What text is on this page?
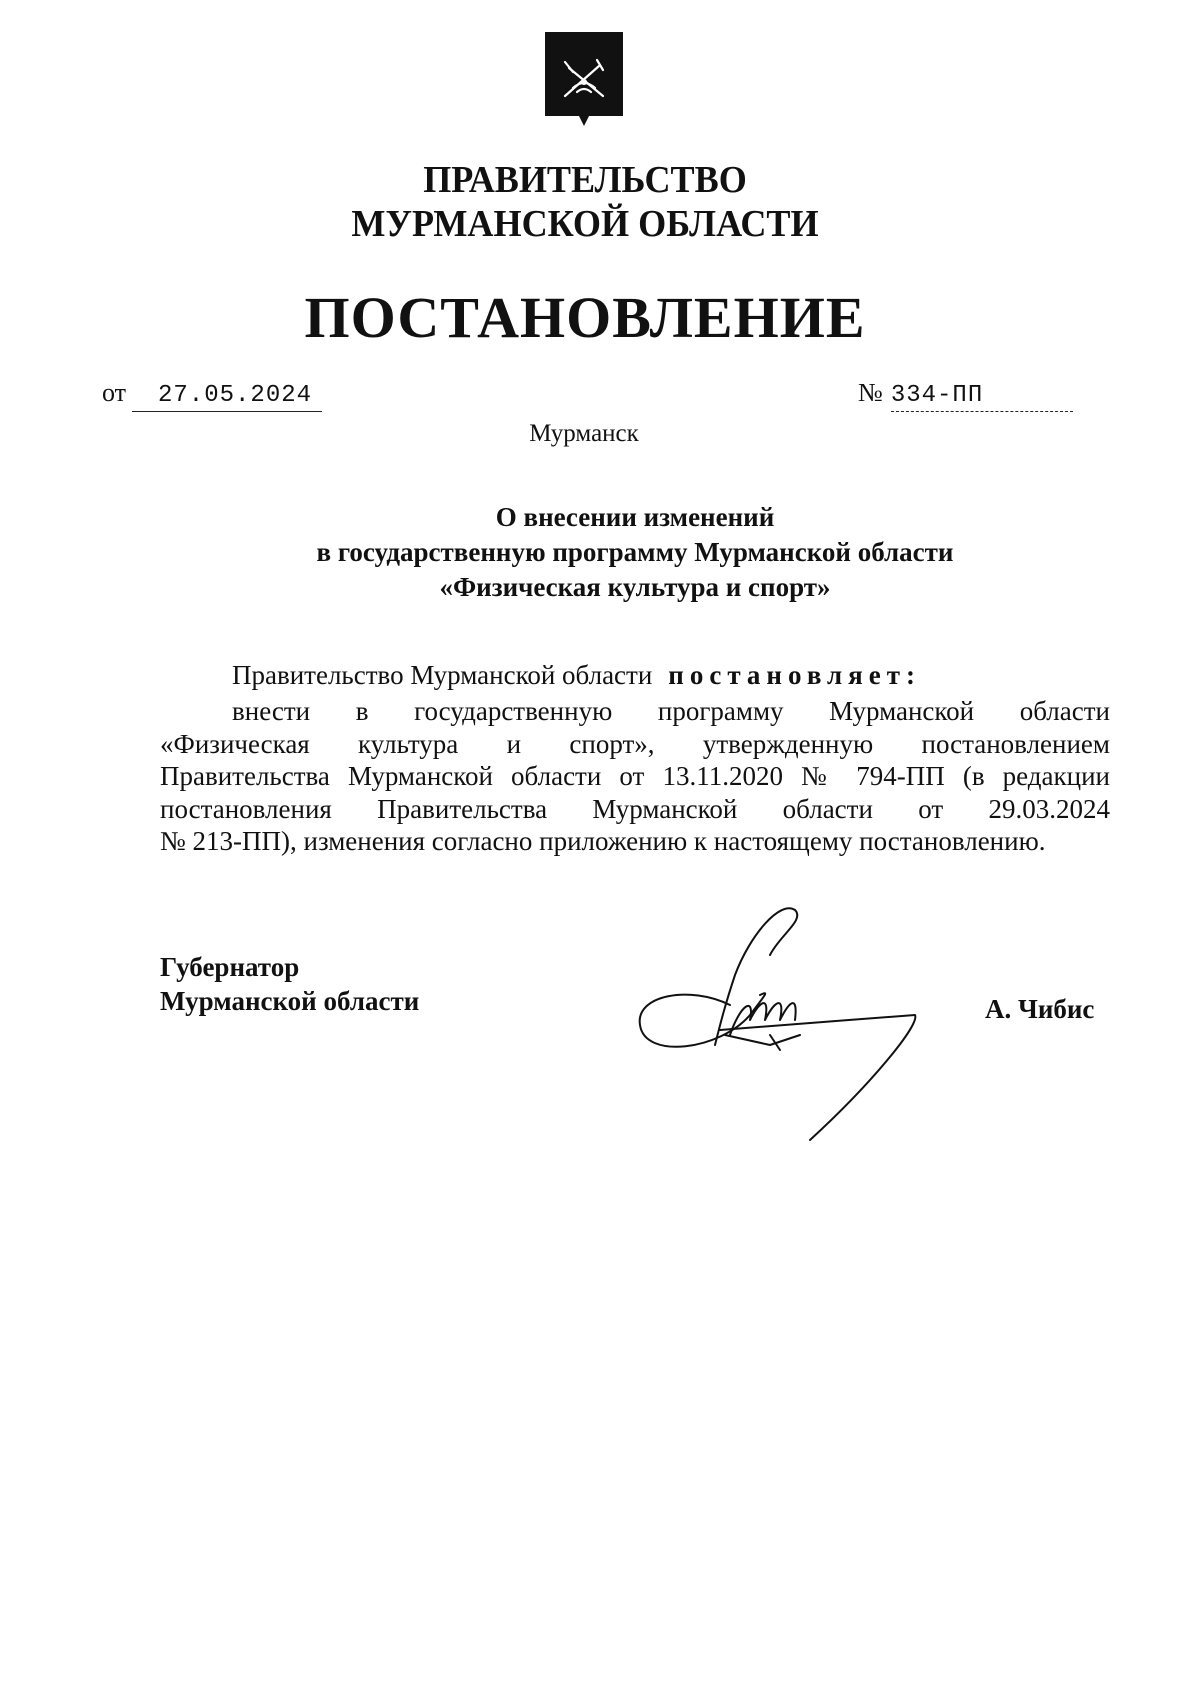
ПРАВИТЕЛЬСТВО
МУРМАНСКОЙ ОБЛАСТИ
ПОСТАНОВЛЕНИЕ
от 27.05.2024	№ 334-ПП
Мурманск
О внесении изменений
в государственную программу Мурманской области
«Физическая культура и спорт»
Правительство Мурманской области постановляет:
внести в государственную программу Мурманской области
«Физическая культура и спорт», утвержденную постановлением
Правительства Мурманской области от 13.11.2020 № 794-ПП (в редакции
постановления Правительства Мурманской области от 29.03.2024
№ 213-ПП), изменения согласно приложению к настоящему постановлению.
Губернатор
Мурманской области	А. Чибис
